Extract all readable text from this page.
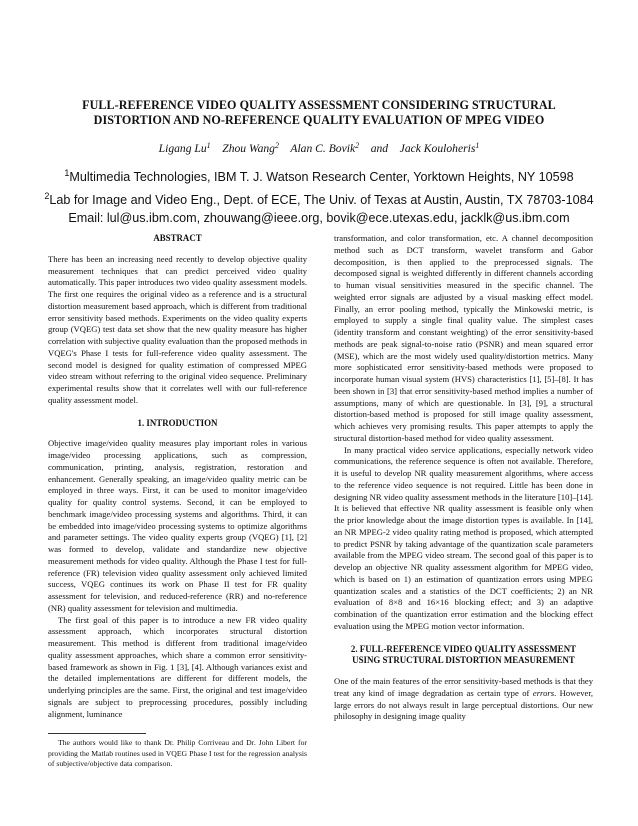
FULL-REFERENCE VIDEO QUALITY ASSESSMENT CONSIDERING STRUCTURAL
DISTORTION AND NO-REFERENCE QUALITY EVALUATION OF MPEG VIDEO
Ligang Lu$^1$ Zhou Wang$^2$ Alan C. Bovik$^2$ and Jack Kouloheris$^1$
$^1$Multimedia Technologies, IBM T. J. Watson Research Center, Yorktown Heights, NY 10598
$^2$Lab for Image and Video Eng., Dept. of ECE, The Univ. of Texas at Austin, Austin, TX 78703-1084
Email: lul@us.ibm.com, zhouwang@ieee.org, bovik@ece.utexas.edu, jacklk@us.ibm.com

ABSTRACT

There has been an increasing need recently to develop objective quality measurement techniques that can predict perceived video quality automatically. This paper introduces two video quality assessment models. The first one requires the original video as a reference and is a structural distortion measurement based approach, which is different from traditional error sensitivity based methods. Experiments on the video quality experts group (VQEG) test data set show that the new quality measure has higher correlation with subjective quality evaluation than the proposed methods in VQEG's Phase I tests for full-reference video quality assessment. The second model is designed for quality estimation of compressed MPEG video stream without referring to the original video sequence. Preliminary experimental results show that it correlates well with our full-reference quality assessment model.

1. INTRODUCTION

Objective image/video quality measures play important roles in various image/video processing applications, such as compression, communication, printing, analysis, registration, restoration and enhancement. Generally speaking, an image/video quality metric can be employed in three ways. First, it can be used to monitor image/video quality for quality control systems. Second, it can be employed to benchmark image/video processing systems and algorithms. Third, it can be embedded into image/video processing systems to optimize algorithms and parameter settings. The video quality experts group (VQEG) [1], [2] was formed to develop, validate and standardize new objective measurement methods for video quality. Although the Phase I test for full-reference (FR) television video quality assessment only achieved limited success, VQEG continues its work on Phase II test for FR quality assessment for television, and reduced-reference (RR) and no-reference (NR) quality assessment for television and multimedia.

The first goal of this paper is to introduce a new FR video quality assessment approach, which incorporates structural distortion measurement. This method is different from traditional image/video quality assessment approaches, which share a common error sensitivity-based framework as shown in Fig. 1 [3], [4]. Although variances exist and the detailed implementations are different for different models, the underlying principles are the same. First, the original and test image/video signals are subject to preprocessing procedures, possibly including alignment, luminance

The authors would like to thank Dr. Philip Corriveau and Dr. John Libert for providing the Matlab routines used in VQEG Phase I test for the regression analysis of subjective/objective data comparison.

transformation, and color transformation, etc. A channel decomposition method such as DCT transform, wavelet transform and Gabor decomposition, is then applied to the preprocessed signals. The decomposed signal is weighted differently in different channels according to human visual sensitivities measured in the specific channel. The weighted error signals are adjusted by a visual masking effect model. Finally, an error pooling method, typically the Minkowski metric, is employed to supply a single final quality value. The simplest cases (identity transform and constant weighting) of the error sensitivity-based methods are peak signal-to-noise ratio (PSNR) and mean squared error (MSE), which are the most widely used quality/distortion metrics. Many more sophisticated error sensitivity-based methods were proposed to incorporate human visual system (HVS) characteristics [1], [5]–[8]. It has been shown in [3] that error sensitivity-based method implies a number of assumptions, many of which are questionable. In [3], [9], a structural distortion-based method is proposed for still image quality assessment, which achieves very promising results. This paper attempts to apply the structural distortion-based method for video quality assessment.

In many practical video service applications, especially network video communications, the reference sequence is often not available. Therefore, it is useful to develop NR quality measurement algorithms, where access to the reference video sequence is not required. Little has been done in designing NR video quality assessment methods in the literature [10]–[14]. It is believed that effective NR quality assessment is feasible only when the prior knowledge about the image distortion types is available. In [14], an NR MPEG-2 video quality rating method is proposed, which attempted to predict PSNR by taking advantage of the quantization scale parameters available from the MPEG video stream. The second goal of this paper is to develop an objective NR quality assessment algorithm for MPEG video, which is based on 1) an estimation of quantization errors using MPEG quantization scales and a statistics of the DCT coefficients; 2) an NR evaluation of 8×8 and 16×16 blocking effect; and 3) an adaptive combination of the quantization error estimation and the blocking effect evaluation using the MPEG motion vector information.

2. FULL-REFERENCE VIDEO QUALITY ASSESSMENT
USING STRUCTURAL DISTORTION MEASUREMENT

One of the main features of the error sensitivity-based methods is that they treat any kind of image degradation as certain type of errors. However, large errors do not always result in large perceptual distortions. Our new philosophy in designing image quality
